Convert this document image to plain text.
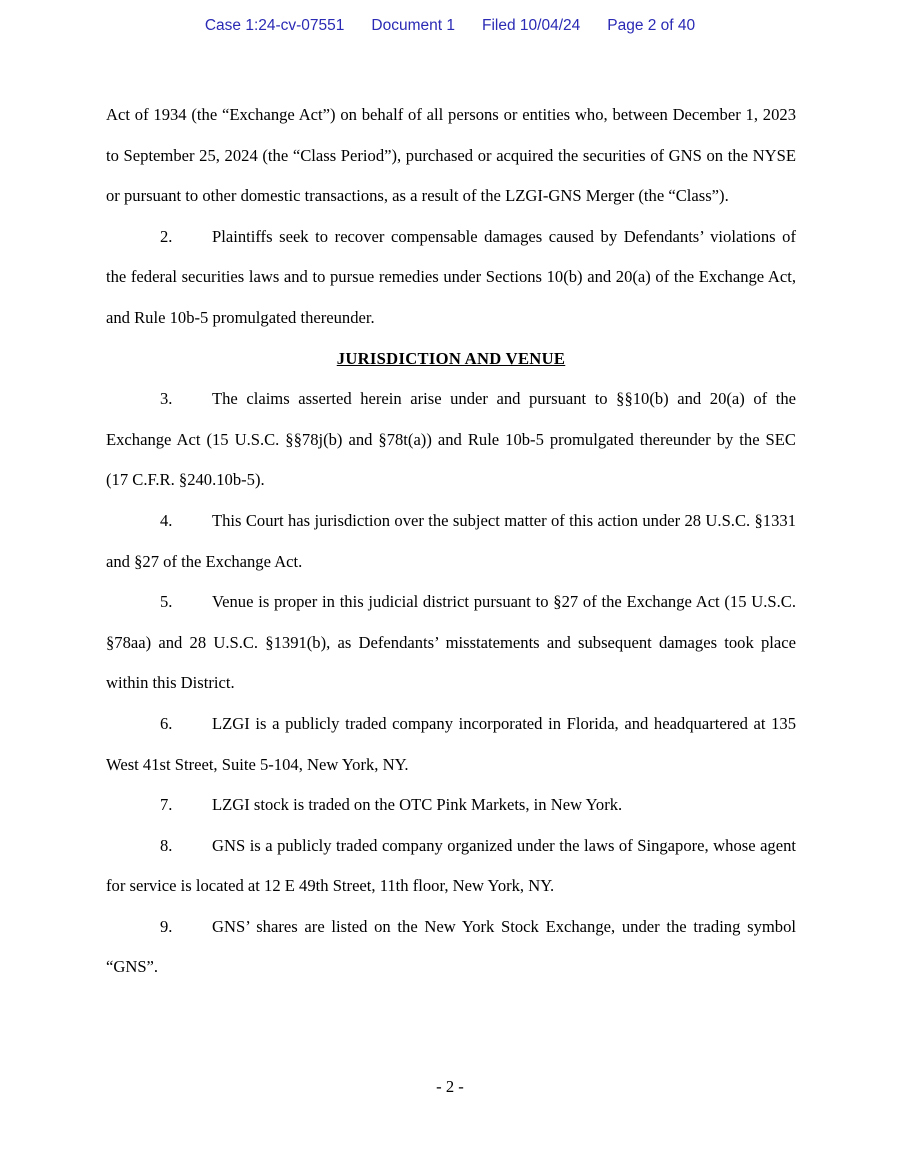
Case 1:24-cv-07551 Document 1 Filed 10/04/24 Page 2 of 40

Act of 1934 (the “Exchange Act”) on behalf of all persons or entities who, between December 1, 2023 to September 25, 2024 (the “Class Period”), purchased or acquired the securities of GNS on the NYSE or pursuant to other domestic transactions, as a result of the LZGI-GNS Merger (the “Class”).

2. Plaintiffs seek to recover compensable damages caused by Defendants’ violations of the federal securities laws and to pursue remedies under Sections 10(b) and 20(a) of the Exchange Act, and Rule 10b-5 promulgated thereunder.

JURISDICTION AND VENUE

3. The claims asserted herein arise under and pursuant to §§10(b) and 20(a) of the Exchange Act (15 U.S.C. §§78j(b) and §78t(a)) and Rule 10b-5 promulgated thereunder by the SEC (17 C.F.R. §240.10b-5).

4. This Court has jurisdiction over the subject matter of this action under 28 U.S.C. §1331 and §27 of the Exchange Act.

5. Venue is proper in this judicial district pursuant to §27 of the Exchange Act (15 U.S.C. §78aa) and 28 U.S.C. §1391(b), as Defendants’ misstatements and subsequent damages took place within this District.

6. LZGI is a publicly traded company incorporated in Florida, and headquartered at 135 West 41st Street, Suite 5-104, New York, NY.

7. LZGI stock is traded on the OTC Pink Markets, in New York.

8. GNS is a publicly traded company organized under the laws of Singapore, whose agent for service is located at 12 E 49th Street, 11th floor, New York, NY.

9. GNS’ shares are listed on the New York Stock Exchange, under the trading symbol “GNS”.

- 2 -
